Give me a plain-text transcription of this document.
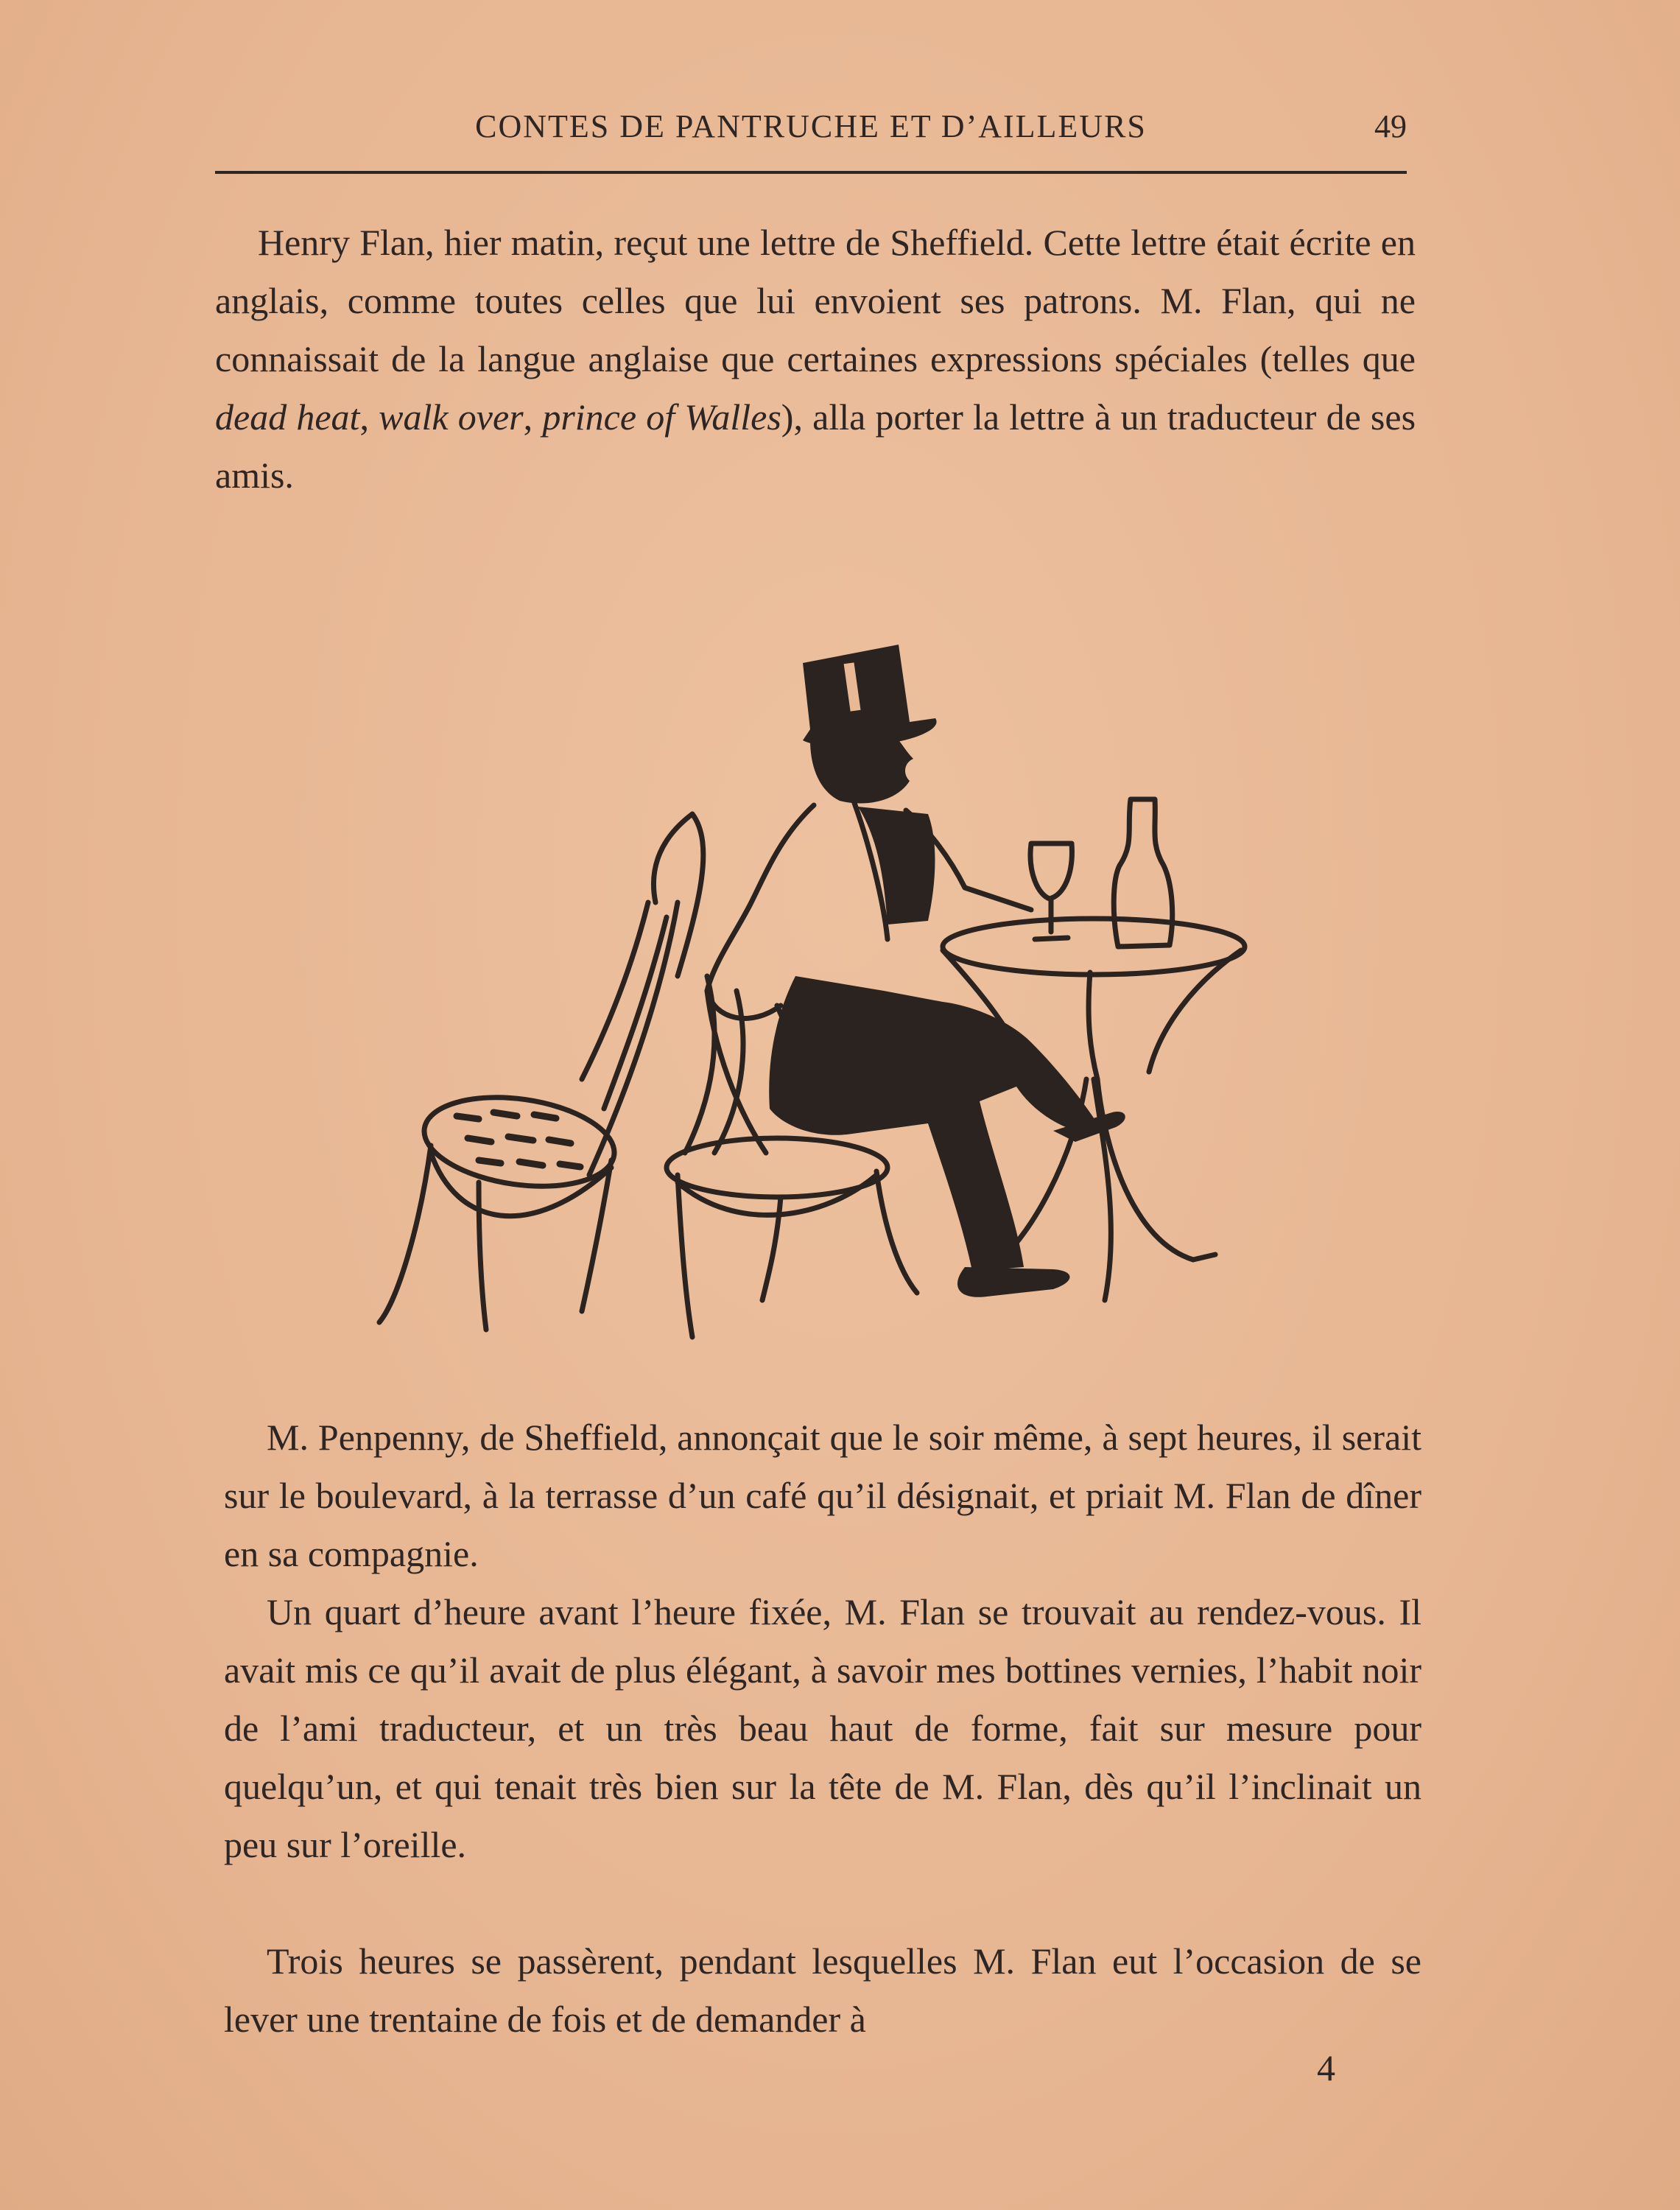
CONTES DE PANTRUCHE ET D’AILLEURS	49

Henry Flan, hier matin, reçut une lettre de Sheffield. Cette lettre était écrite en anglais, comme toutes celles que lui envoient ses patrons. M. Flan, qui ne connaissait de la langue anglaise que certaines expressions spéciales (telles que dead heat, walk over, prince of Walles), alla porter la lettre à un traducteur de ses amis.

M. Penpenny, de Sheffield, annonçait que le soir même, à sept heures, il serait sur le boulevard, à la terrasse d’un café qu’il désignait, et priait M. Flan de dîner en sa compagnie.

Un quart d’heure avant l’heure fixée, M. Flan se trouvait au rendez-vous. Il avait mis ce qu’il avait de plus élégant, à savoir mes bottines vernies, l’habit noir de l’ami traducteur, et un très beau haut de forme, fait sur mesure pour quelqu’un, et qui tenait très bien sur la tête de M. Flan, dès qu’il l’inclinait un peu sur l’oreille.

Trois heures se passèrent, pendant lesquelles M. Flan eut l’occasion de se lever une trentaine de fois et de demander à

4
